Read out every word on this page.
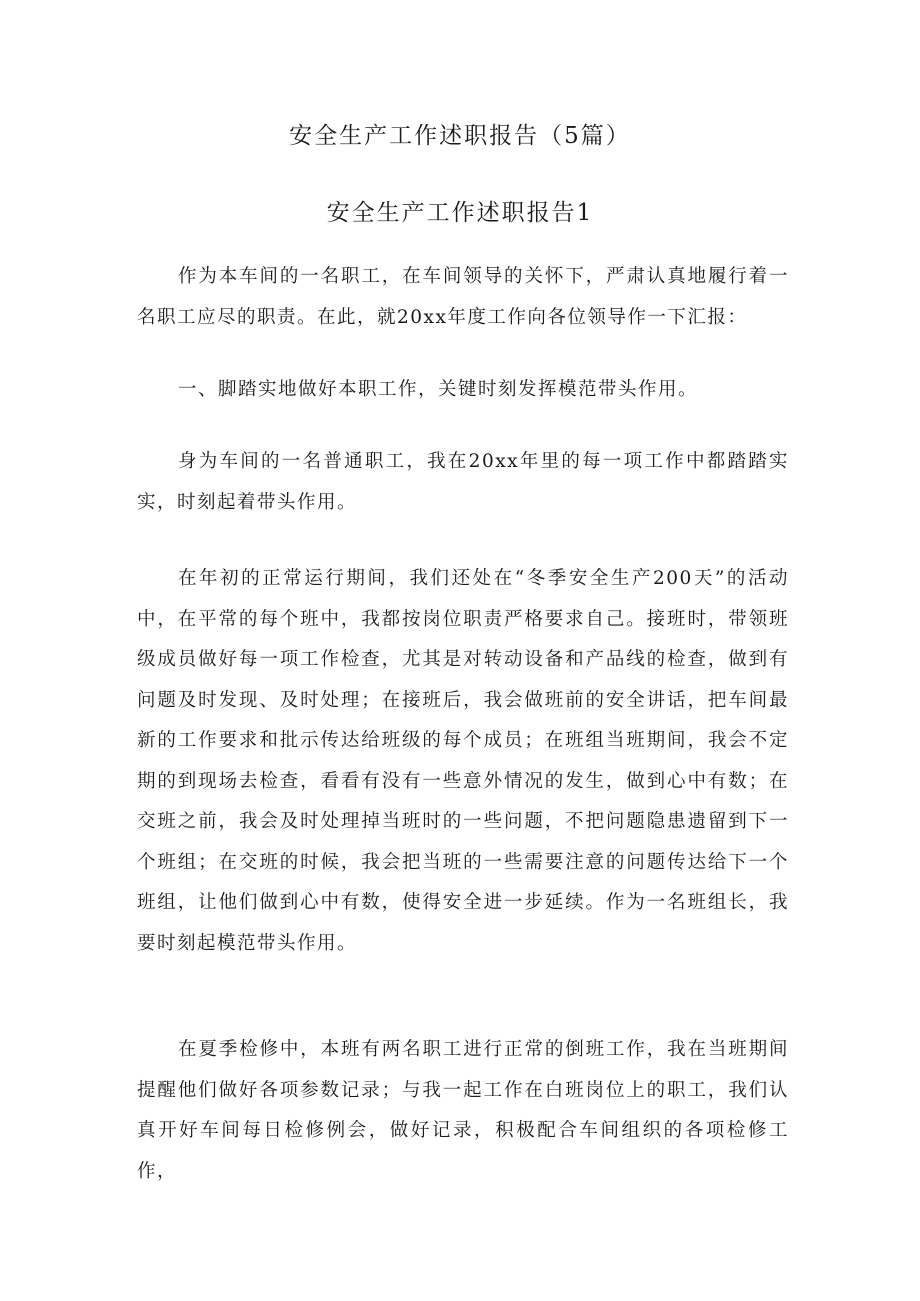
安全生产工作述职报告（5篇）
安全生产工作述职报告1

作为本车间的一名职工，在车间领导的关怀下，严肃认真地履行着一名职工应尽的职责。在此，就20xx年度工作向各位领导作一下汇报：

一、脚踏实地做好本职工作，关键时刻发挥模范带头作用。

身为车间的一名普通职工，我在20xx年里的每一项工作中都踏踏实实，时刻起着带头作用。

在年初的正常运行期间，我们还处在“冬季安全生产200天”的活动中，在平常的每个班中，我都按岗位职责严格要求自己。接班时，带领班级成员做好每一项工作检查，尤其是对转动设备和产品线的检查，做到有问题及时发现、及时处理；在接班后，我会做班前的安全讲话，把车间最新的工作要求和批示传达给班级的每个成员；在班组当班期间，我会不定期的到现场去检查，看看有没有一些意外情况的发生，做到心中有数；在交班之前，我会及时处理掉当班时的一些问题，不把问题隐患遗留到下一个班组；在交班的时候，我会把当班的一些需要注意的问题传达给下一个班组，让他们做到心中有数，使得安全进一步延续。作为一名班组长，我要时刻起模范带头作用。

在夏季检修中，本班有两名职工进行正常的倒班工作，我在当班期间提醒他们做好各项参数记录；与我一起工作在白班岗位上的职工，我们认真开好车间每日检修例会，做好记录，积极配合车间组织的各项检修工作，
